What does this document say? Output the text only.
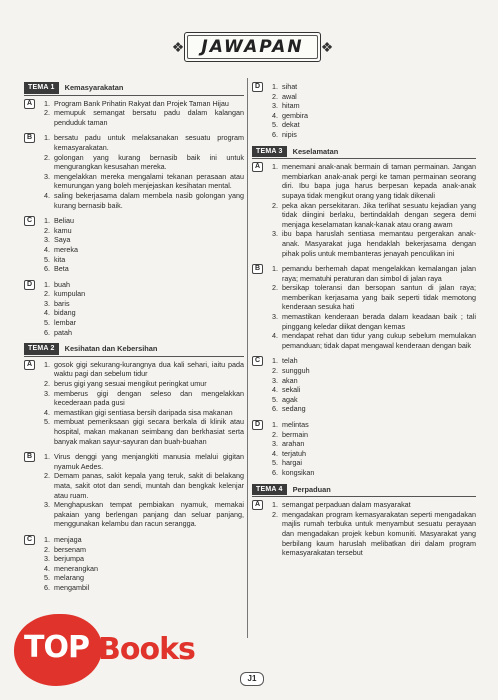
❖ JAWAPAN ❖
TEMA 1	Kemasyarakatan
A	1. Program Bank Prihatin Rakyat dan Projek Taman Hijau
2. memupuk semangat bersatu padu dalam kalangan penduduk taman
B	1. bersatu padu untuk melaksanakan sesuatu program kemasyarakatan.
2. golongan yang kurang bernasib baik ini untuk mengurangkan kesusahan mereka.
3. mengelakkan mereka mengalami tekanan perasaan atau kemurungan yang boleh menjejaskan kesihatan mental.
4. saling bekerjasama dalam membela nasib golongan yang kurang bernasib baik.
C	1. Beliau
2. kamu
3. Saya
4. mereka
5. kita
6. Beta
D	1. buah
2. kumpulan
3. baris
4. bidang
5. lembar
6. patah
TEMA 2	Kesihatan dan Kebersihan
A	1. gosok gigi sekurang-kurangnya dua kali sehari, iaitu pada waktu pagi dan sebelum tidur
2. berus gigi yang sesuai mengikut peringkat umur
3. memberus gigi dengan seleso dan mengelakkan kecederaan pada gusi
4. memastikan gigi sentiasa bersih daripada sisa makanan
5. membuat pemeriksaan gigi secara berkala di klinik atau hospital, makan makanan seimbang dan berkhasiat serta banyak makan sayur-sayuran dan buah-buahan
B	1. Virus denggi yang menjangkiti manusia melalui gigitan nyamuk Aedes.
2. Demam panas, sakit kepala yang teruk, sakit di belakang mata, sakit otot dan sendi, muntah dan bengkak kelenjar atau ruam.
3. Menghapuskan tempat pembiakan nyamuk, memakai pakaian yang berlengan panjang dan seluar panjang, menggunakan kelambu dan racun serangga.
C	1. menjaga
2. bersenam
3. berjumpa
4. menerangkan
5. melarang
6. mengambil
D	1. sihat
2. awal
3. hitam
4. gembira
5. dekat
6. nipis
TEMA 3	Keselamatan
A	1. menemani anak-anak bermain di taman permainan. Jangan membiarkan anak-anak pergi ke taman permainan seorang diri. Ibu bapa juga harus berpesan kepada anak-anak supaya tidak mengikut orang yang tidak dikenali
2. peka akan persekitaran. Jika terlihat sesuatu kejadian yang tidak diingini berlaku, bertindaklah dengan segera demi menjaga keselamatan kanak-kanak atau orang awam
3. ibu bapa haruslah sentiasa memantau pergerakan anak-anak. Masyarakat juga hendaklah bekerjasama dengan pihak polis untuk membanteras jenayah penculikan ini
B	1. pemandu berhemah dapat mengelakkan kemalangan jalan raya; mematuhi peraturan dan simbol di jalan raya
2. bersikap toleransi dan bersopan santun di jalan raya; memberikan kerjasama yang baik seperti tidak memotong kenderaan sesuka hati
3. memastikan kenderaan berada dalam keadaan baik ; tali pinggang keledar diikat dengan kemas
4. mendapat rehat dan tidur yang cukup sebelum memulakan pemanduan; tidak dapat mengawal kenderaan dengan baik
C	1. telah
2. sungguh
3. akan
4. sekali
5. agak
6. sedang
D	1. melintas
2. bermain
3. arahan
4. terjatuh
5. hargai
6. kongsikan
TEMA 4	Perpaduan
A	1. semangat perpaduan dalam masyarakat
2. mengadakan program kemasyarakatan seperti mengadakan majlis rumah terbuka untuk menyambut sesuatu perayaan dan mengadakan projek kebun komuniti. Masyarakat yang berbilang kaum haruslah melibatkan diri dalam program kemasyarakatan tersebut
TOP Books
J1
